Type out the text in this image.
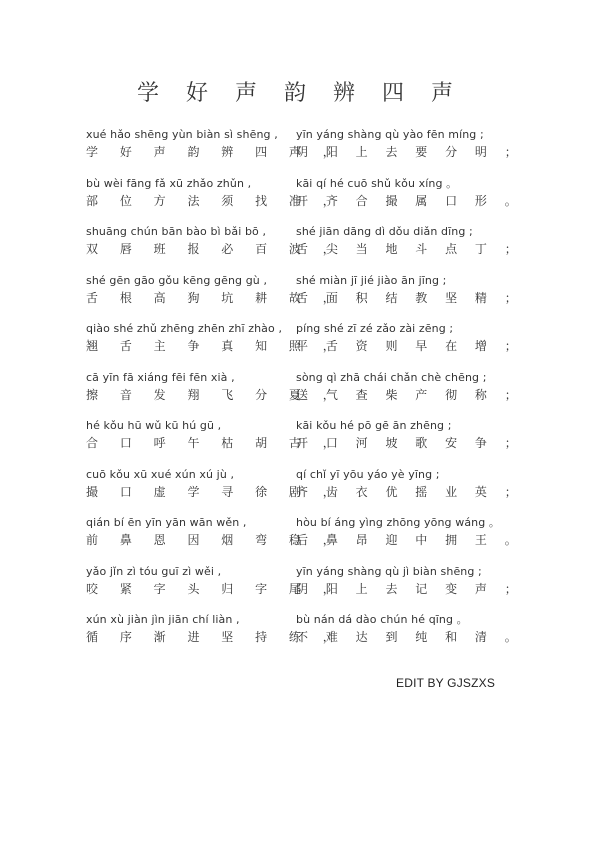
学 好 声 韵 辨 四 声
xué hǎo shēng yùn biàn sì shēng ,
学 好 声 韵 辨 四 声 ，
yīn yáng shàng qù yào fēn míng ;
阴 阳 上 去 要 分 明 ；
bù wèi fāng fǎ xū zhǎo zhǔn ,
部 位 方 法 须 找 准 ，
kāi qí hé cuō shǔ kǒu xíng 。
开 齐 合 撮 属 口 形 。
shuāng chún bān bào bì bǎi bō ,
双 唇 班 报 必 百 波 ，
shé jiān dāng dì dǒu diǎn dīng ;
舌 尖 当 地 斗 点 丁 ；
shé gēn gāo gǒu kēng gēng gù ,
舌 根 高 狗 坑 耕 故 ，
shé miàn jī jié jiào ān jīng ;
舌 面 积 结 教 坚 精 ；
qiào shé zhǔ zhēng zhēn zhī zhào ,
翘 舌 主 争 真 知 照 ，
píng shé zī zé zǎo zài zēng ;
平 舌 资 则 早 在 增 ；
cā yīn fā xiáng fēi fēn xià ,
擦 音 发 翔 飞 分 夏 ，
sòng qì zhā chái chǎn chè chēng ;
送 气 查 柴 产 彻 称 ；
hé kǒu hū wǔ kū hú gū ,
合 口 呼 午 枯 胡 古 ，
kāi kǒu hé pō gē ān zhēng ;
开 口 河 坡 歌 安 争 ；
cuō kǒu xū xué xún xú jù ,
撮 口 虚 学 寻 徐 剧 ，
qí chǐ yī yōu yáo yè yīng ;
齐 齿 衣 优 摇 业 英 ；
qián bí ēn yīn yān wān wěn ,
前 鼻 恩 因 烟 弯 稳 ，
hòu bí áng yìng zhōng yōng wáng 。
后 鼻 昂 迎 中 拥 王 。
yǎo jǐn zì tóu guī zì wěi ,
咬 紧 字 头 归 字 尾 ，
yīn yáng shàng qù jì biàn shēng ;
阴 阳 上 去 记 变 声 ；
xún xù jiàn jìn jiān chí liàn ,
循 序 渐 进 坚 持 练 ，
bù nán dá dào chún hé qīng 。
不 难 达 到 纯 和 清 。
EDIT BY GJSZXS
